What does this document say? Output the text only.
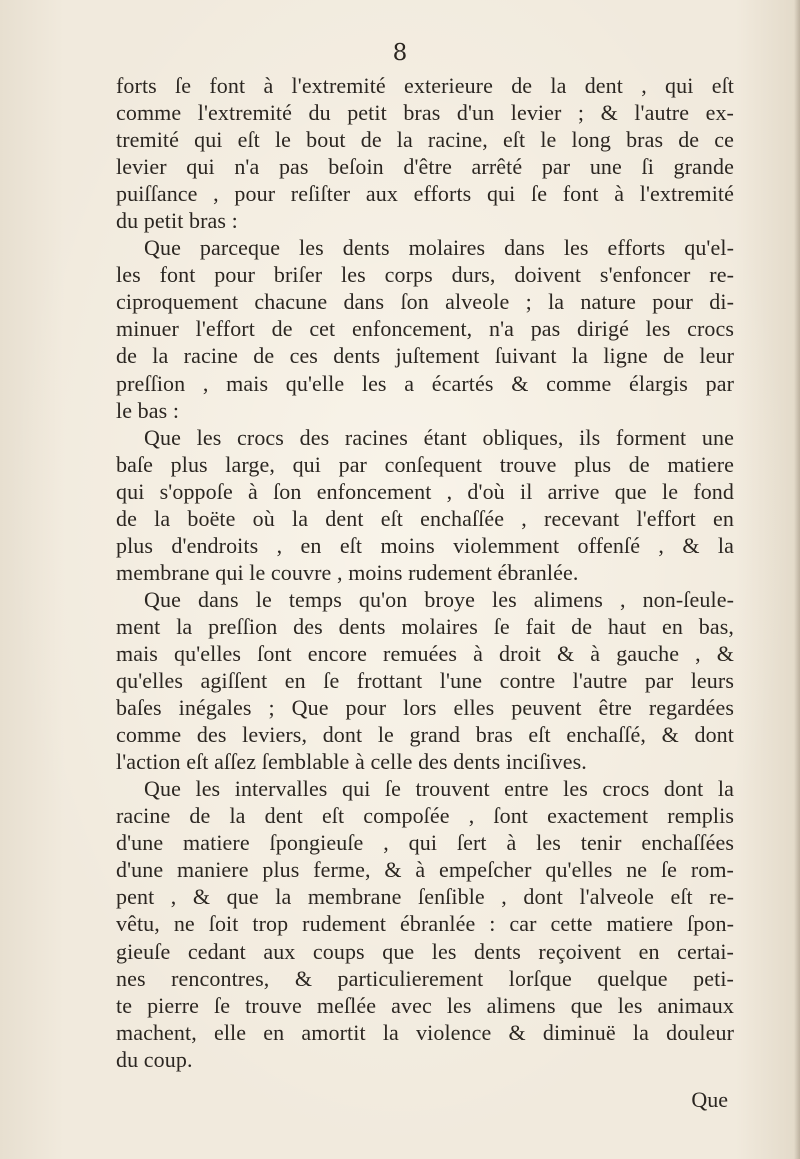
8
forts ſe font à l'extremité exterieure de la dent , qui eſt
comme l'extremité du petit bras d'un levier ; & l'autre ex-
tremité qui eſt le bout de la racine, eſt le long bras de ce
levier qui n'a pas beſoin d'être arrêté par une ſi grande
puiſſance , pour reſiſter aux efforts qui ſe font à l'extremité
du petit bras :
Que parceque les dents molaires dans les efforts qu'el-
les font pour briſer les corps durs, doivent s'enfoncer re-
ciproquement chacune dans ſon alveole ; la nature pour di-
minuer l'effort de cet enfoncement, n'a pas dirigé les crocs
de la racine de ces dents juſtement ſuivant la ligne de leur
preſſion , mais qu'elle les a écartés & comme élargis par
le bas :
Que les crocs des racines étant obliques, ils forment une
baſe plus large, qui par conſequent trouve plus de matiere
qui s'oppoſe à ſon enfoncement , d'où il arrive que le fond
de la boëte où la dent eſt enchaſſée , recevant l'effort en
plus d'endroits , en eſt moins violemment offenſé , & la
membrane qui le couvre , moins rudement ébranlée.
Que dans le temps qu'on broye les alimens , non-ſeule-
ment la preſſion des dents molaires ſe fait de haut en bas,
mais qu'elles ſont encore remuées à droit & à gauche , &
qu'elles agiſſent en ſe frottant l'une contre l'autre par leurs
baſes inégales ; Que pour lors elles peuvent être regardées
comme des leviers, dont le grand bras eſt enchaſſé, & dont
l'action eſt aſſez ſemblable à celle des dents inciſives.
Que les intervalles qui ſe trouvent entre les crocs dont la
racine de la dent eſt compoſée , ſont exactement remplis
d'une matiere ſpongieuſe , qui ſert à les tenir enchaſſées
d'une maniere plus ferme, & à empeſcher qu'elles ne ſe rom-
pent , & que la membrane ſenſible , dont l'alveole eſt re-
vêtu, ne ſoit trop rudement ébranlée : car cette matiere ſpon-
gieuſe cedant aux coups que les dents reçoivent en certai-
nes rencontres, & particulierement lorſque quelque peti-
te pierre ſe trouve meſlée avec les alimens que les animaux
machent, elle en amortit la violence & diminuë la douleur
du coup.
Que
